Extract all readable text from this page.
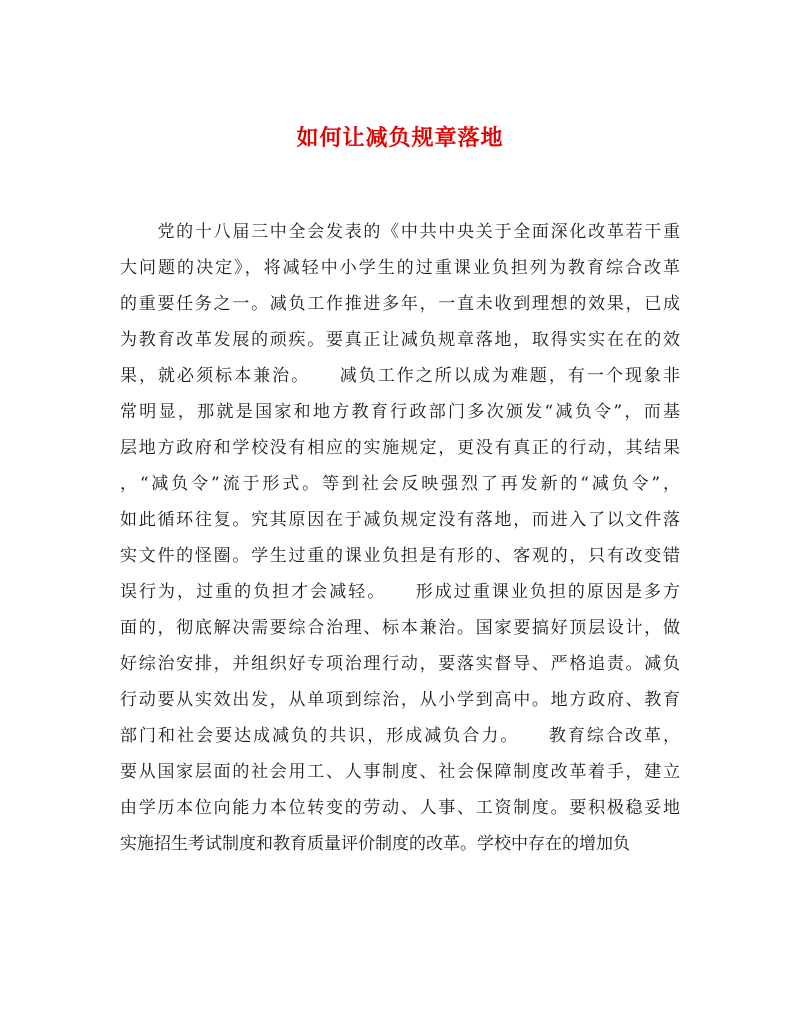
如何让减负规章落地
　　党的十八届三中全会发表的《中共中央关于全面深化改革若干重
大问题的决定》，将减轻中小学生的过重课业负担列为教育综合改革
的重要任务之一。减负工作推进多年，一直未收到理想的效果，已成
为教育改革发展的顽疾。要真正让减负规章落地，取得实实在在的效
果，就必须标本兼治。　　减负工作之所以成为难题，有一个现象非
常明显，那就是国家和地方教育行政部门多次颁发“减负令”，而基
层地方政府和学校没有相应的实施规定，更没有真正的行动，其结果
，“减负令”流于形式。等到社会反映强烈了再发新的“减负令”，
如此循环往复。究其原因在于减负规定没有落地，而进入了以文件落
实文件的怪圈。学生过重的课业负担是有形的、客观的，只有改变错
误行为，过重的负担才会减轻。　　形成过重课业负担的原因是多方
面的，彻底解决需要综合治理、标本兼治。国家要搞好顶层设计，做
好综治安排，并组织好专项治理行动，要落实督导、严格追责。减负
行动要从实效出发，从单项到综治，从小学到高中。地方政府、教育
部门和社会要达成减负的共识，形成减负合力。　　教育综合改革，
要从国家层面的社会用工、人事制度、社会保障制度改革着手，建立
由学历本位向能力本位转变的劳动、人事、工资制度。要积极稳妥地
实施招生考试制度和教育质量评价制度的改革。学校中存在的增加负
